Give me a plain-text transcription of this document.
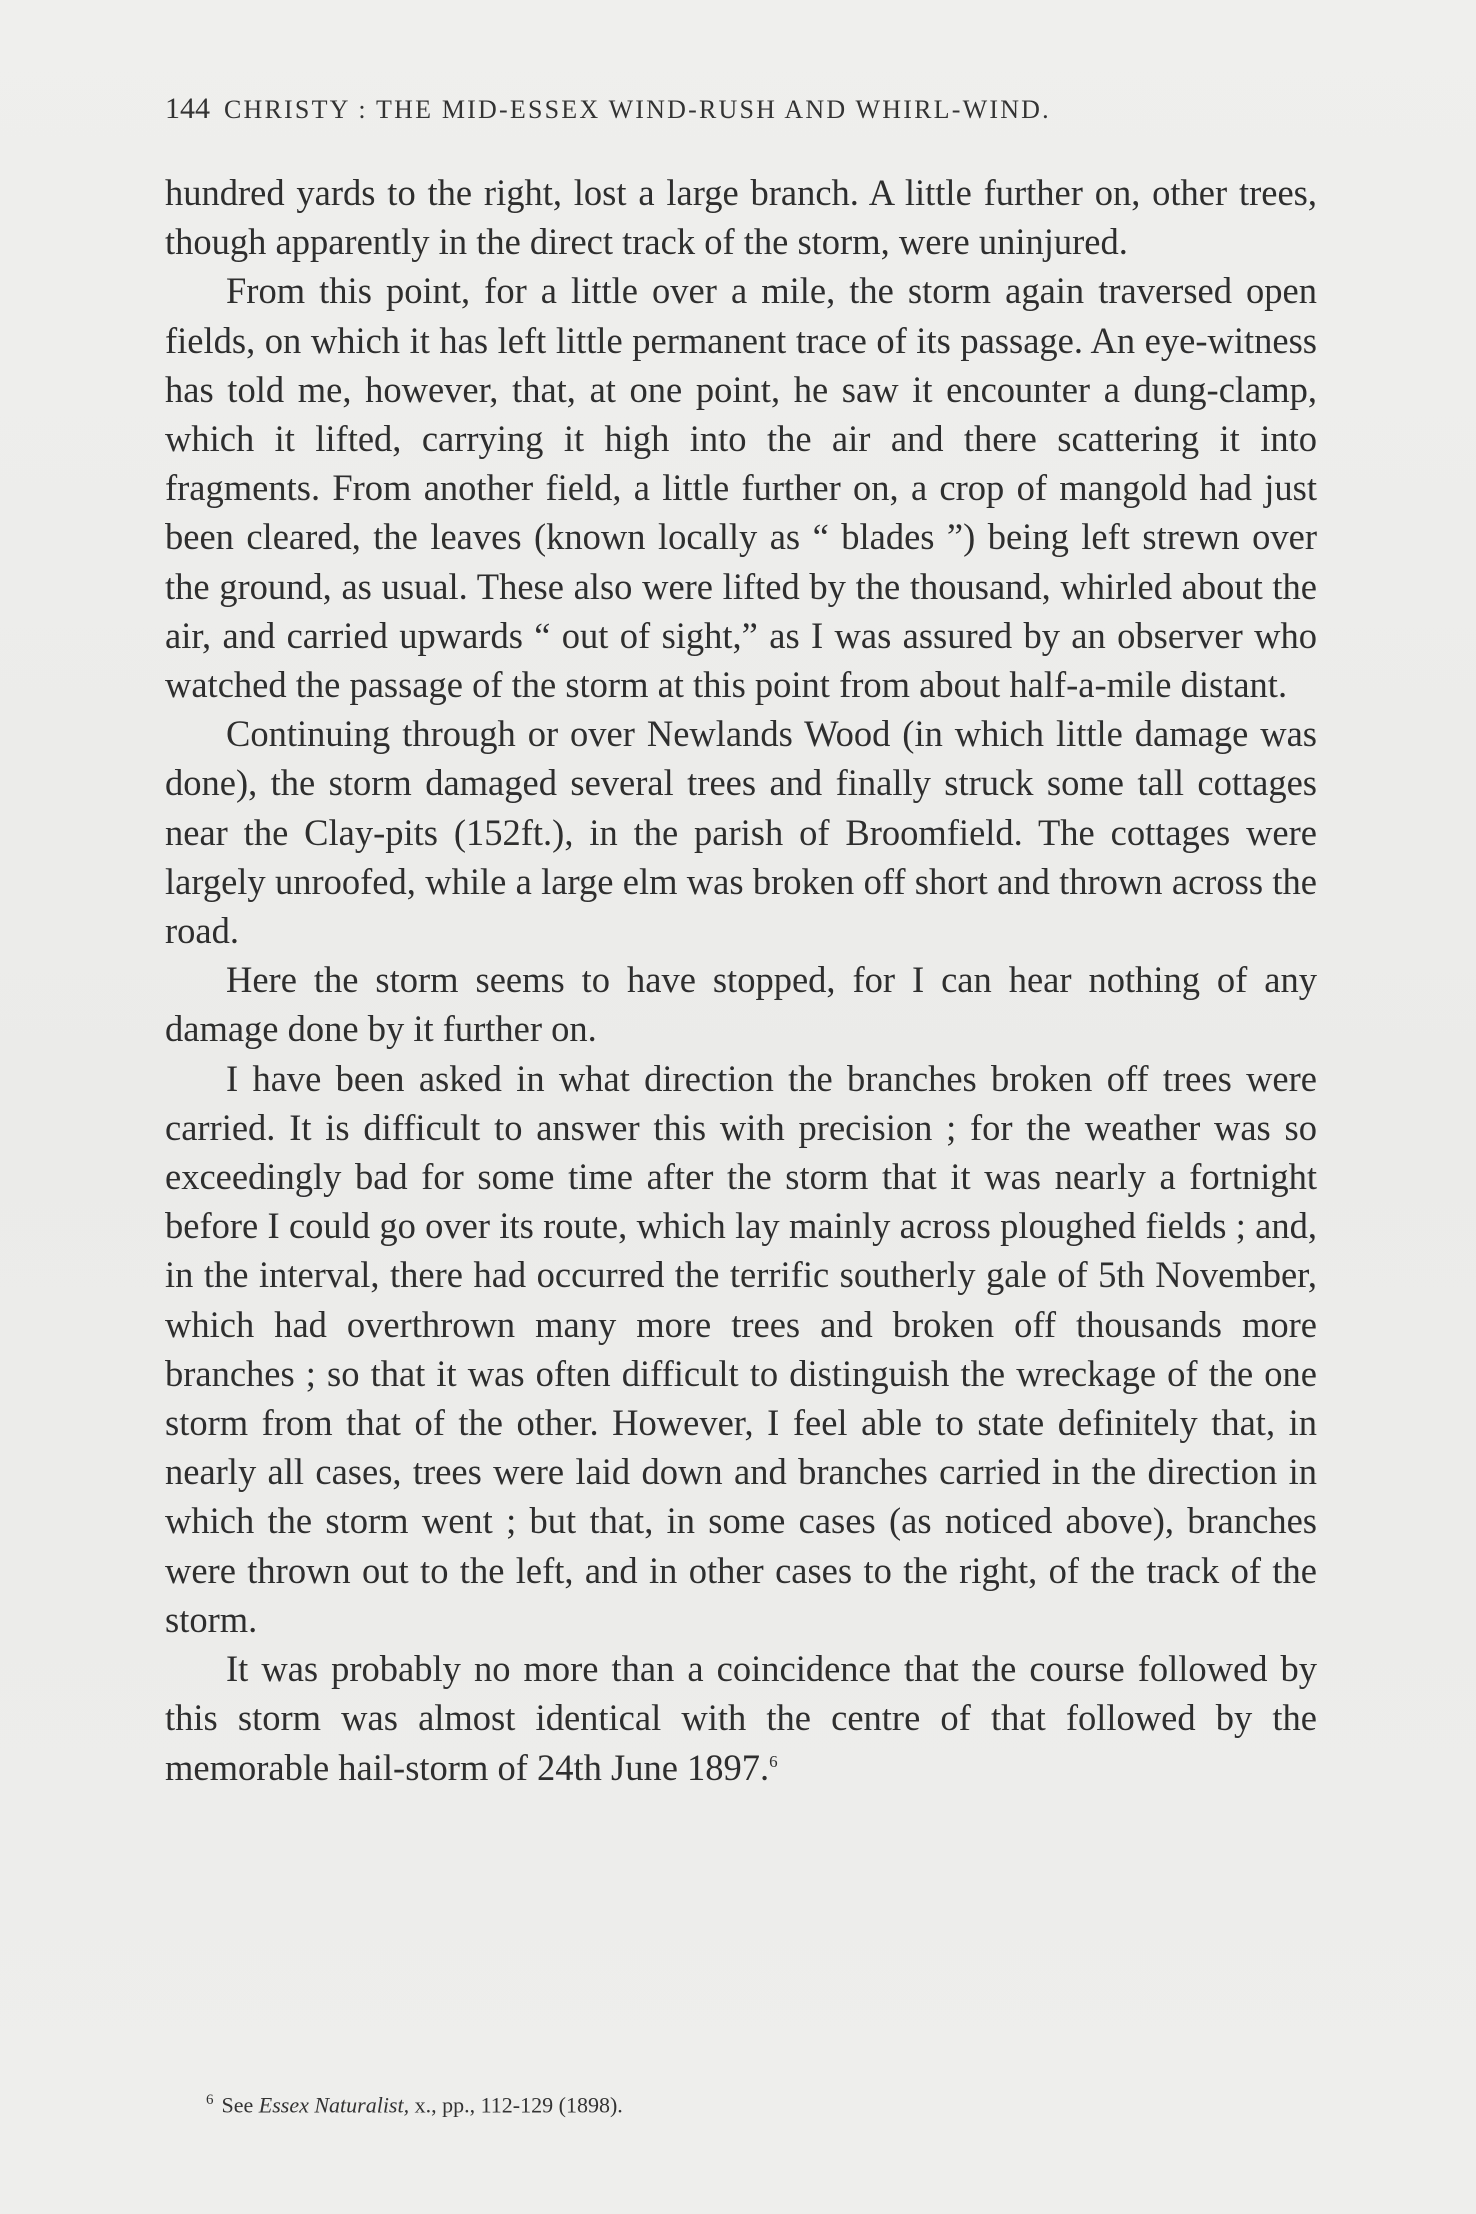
144 CHRISTY : THE MID-ESSEX WIND-RUSH AND WHIRL-WIND.

hundred yards to the right, lost a large branch. A little further on, other trees, though apparently in the direct track of the storm, were uninjured.

From this point, for a little over a mile, the storm again traversed open fields, on which it has left little permanent trace of its passage. An eye-witness has told me, however, that, at one point, he saw it encounter a dung-clamp, which it lifted, carrying it high into the air and there scattering it into fragments. From another field, a little further on, a crop of mangold had just been cleared, the leaves (known locally as “ blades ”) being left strewn over the ground, as usual. These also were lifted by the thousand, whirled about the air, and carried upwards “ out of sight,” as I was assured by an observer who watched the passage of the storm at this point from about half-a-mile distant.

Continuing through or over Newlands Wood (in which little damage was done), the storm damaged several trees and finally struck some tall cottages near the Clay-pits (152ft.), in the parish of Broomfield. The cottages were largely unroofed, while a large elm was broken off short and thrown across the road.

Here the storm seems to have stopped, for I can hear nothing of any damage done by it further on.

I have been asked in what direction the branches broken off trees were carried. It is difficult to answer this with precision ; for the weather was so exceedingly bad for some time after the storm that it was nearly a fortnight before I could go over its route, which lay mainly across ploughed fields ; and, in the interval, there had occurred the terrific southerly gale of 5th November, which had overthrown many more trees and broken off thousands more branches ; so that it was often difficult to distinguish the wreckage of the one storm from that of the other. However, I feel able to state definitely that, in nearly all cases, trees were laid down and branches carried in the direction in which the storm went ; but that, in some cases (as noticed above), branches were thrown out to the left, and in other cases to the right, of the track of the storm.

It was probably no more than a coincidence that the course followed by this storm was almost identical with the centre of that followed by the memorable hail-storm of 24th June 1897.$^6$

$^6$ See Essex Naturalist, x., pp., 112-129 (1898).
